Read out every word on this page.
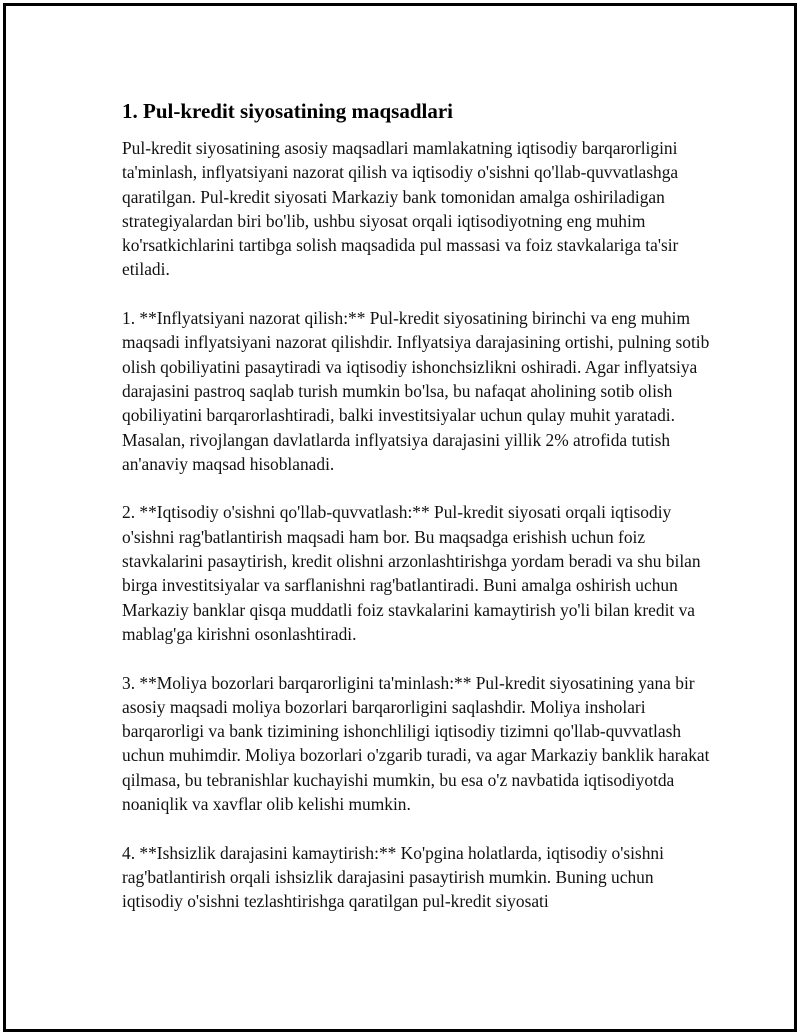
1. Pul-kredit siyosatining maqsadlari

Pul-kredit siyosatining asosiy maqsadlari mamlakatning iqtisodiy barqarorligini ta'minlash, inflyatsiyani nazorat qilish va iqtisodiy o'sishni qo'llab-quvvatlashga qaratilgan. Pul-kredit siyosati Markaziy bank tomonidan amalga oshiriladigan strategiyalardan biri bo'lib, ushbu siyosat orqali iqtisodiyotning eng muhim ko'rsatkichlarini tartibga solish maqsadida pul massasi va foiz stavkalariga ta'sir etiladi.

1. **Inflyatsiyani nazorat qilish:** Pul-kredit siyosatining birinchi va eng muhim maqsadi inflyatsiyani nazorat qilishdir. Inflyatsiya darajasining ortishi, pulning sotib olish qobiliyatini pasaytiradi va iqtisodiy ishonchsizlikni oshiradi. Agar inflyatsiya darajasini pastroq saqlab turish mumkin bo'lsa, bu nafaqat aholining sotib olish qobiliyatini barqarorlashtiradi, balki investitsiyalar uchun qulay muhit yaratadi. Masalan, rivojlangan davlatlarda inflyatsiya darajasini yillik 2% atrofida tutish an'anaviy maqsad hisoblanadi.

2. **Iqtisodiy o'sishni qo'llab-quvvatlash:** Pul-kredit siyosati orqali iqtisodiy o'sishni rag'batlantirish maqsadi ham bor. Bu maqsadga erishish uchun foiz stavkalarini pasaytirish, kredit olishni arzonlashtirishga yordam beradi va shu bilan birga investitsiyalar va sarflanishni rag'batlantiradi. Buni amalga oshirish uchun Markaziy banklar qisqa muddatli foiz stavkalarini kamaytirish yo'li bilan kredit va mablag'ga kirishni osonlashtiradi.

3. **Moliya bozorlari barqarorligini ta'minlash:** Pul-kredit siyosatining yana bir asosiy maqsadi moliya bozorlari barqarorligini saqlashdir. Moliya insholari barqarorligi va bank tizimining ishonchliligi iqtisodiy tizimni qo'llab-quvvatlash uchun muhimdir. Moliya bozorlari o'zgarib turadi, va agar Markaziy banklik harakat qilmasa, bu tebranishlar kuchayishi mumkin, bu esa o'z navbatida iqtisodiyotda noaniqlik va xavflar olib kelishi mumkin.

4. **Ishsizlik darajasini kamaytirish:** Ko'pgina holatlarda, iqtisodiy o'sishni rag'batlantirish orqali ishsizlik darajasini pasaytirish mumkin. Buning uchun iqtisodiy o'sishni tezlashtirishga qaratilgan pul-kredit siyosati
